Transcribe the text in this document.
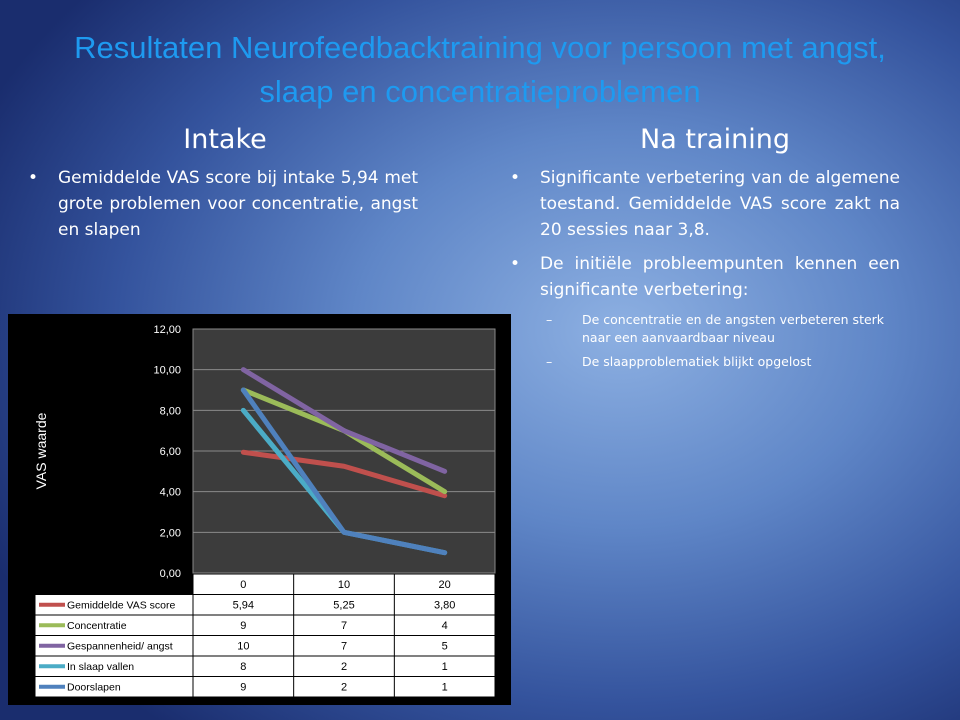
Resultaten Neurofeedbacktraining voor persoon met angst, slaap en concentratieproblemen
Intake	Na training
• Gemiddelde VAS score bij intake 5,94 met grote problemen voor concentratie, angst en slapen
• Significante verbetering van de algemene toestand. Gemiddelde VAS score zakt na 20 sessies naar 3,8.
• De initiële probleempunten kennen een significante verbetering:
– De concentratie en de angsten verbeteren sterk naar een aanvaardbaar niveau
– De slaapproblematiek blijkt opgelost
0,00
2,00
4,00
6,00
8,00
10,00
12,00
VAS waarde
0	10	20
Gemiddelde VAS score	5,94	5,25	3,80
Concentratie	9	7	4
Gespannenheid/ angst	10	7	5
In slaap vallen	8	2	1
Doorslapen	9	2	1
